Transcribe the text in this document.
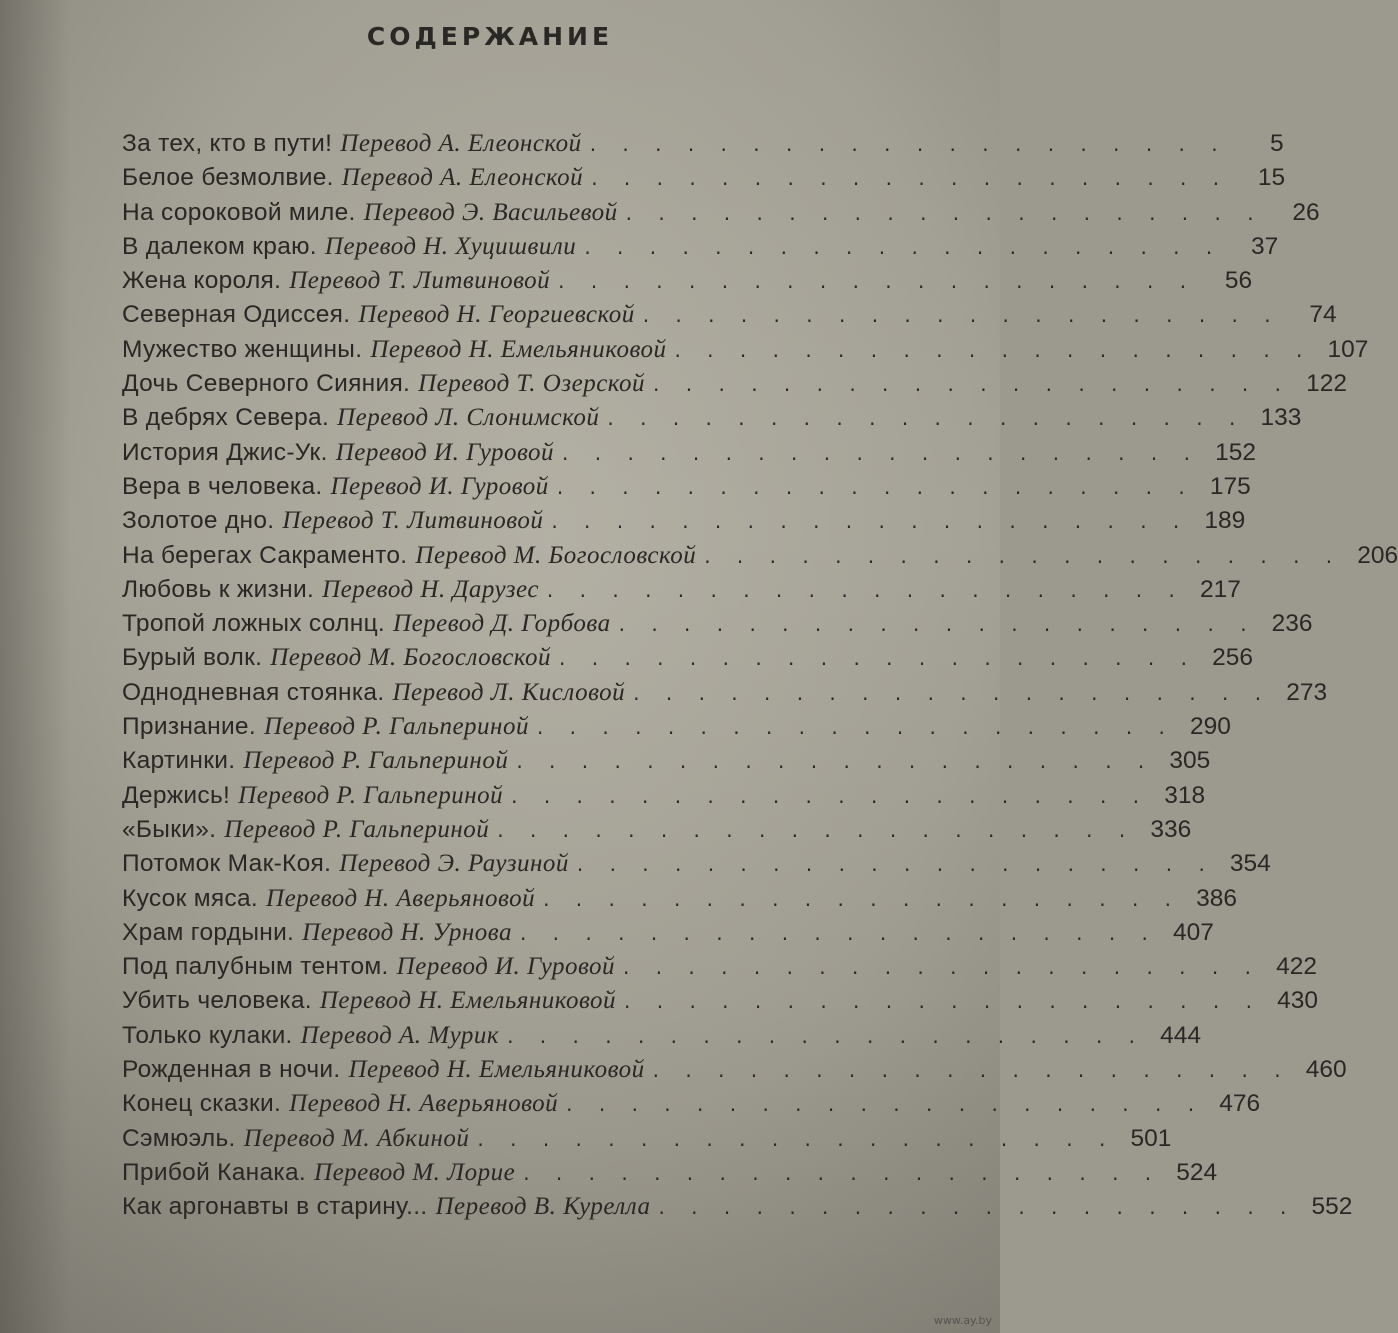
СОДЕРЖАНИЕ
За тех, кто в пути! Перевод А. Елеонской . . . . . . . . . . . . . . . . . . . .	5
Белое безмолвие. Перевод А. Елеонской . . . . . . . . . . . . . . . . . . . .	15
На сороковой миле. Перевод Э. Васильевой . . . . . . . . . . . . . . . . . . . .	26
В далеком краю. Перевод Н. Хуцишвили . . . . . . . . . . . . . . . . . . . .	37
Жена короля. Перевод Т. Литвиновой . . . . . . . . . . . . . . . . . . . .	56
Северная Одиссея. Перевод Н. Георгиевской . . . . . . . . . . . . . . . . . . . .	74
Мужество женщины. Перевод Н. Емельяниковой . . . . . . . . . . . . . . . . . . . . 107
Дочь Северного Сияния. Перевод Т. Озерской . . . . . . . . . . . . . . . . . . . . 122
В дебрях Севера. Перевод Л. Слонимской . . . . . . . . . . . . . . . . . . . . 133
История Джис-Ук. Перевод И. Гуровой . . . . . . . . . . . . . . . . . . . . 152
Вера в человека. Перевод И. Гуровой . . . . . . . . . . . . . . . . . . . . 175
Золотое дно. Перевод Т. Литвиновой . . . . . . . . . . . . . . . . . . . . 189
На берегах Сакраменто. Перевод М. Богословской . . . . . . . . . . . . . . . . . . . . 206
Любовь к жизни. Перевод Н. Дарузес . . . . . . . . . . . . . . . . . . . . 217
Тропой ложных солнц. Перевод Д. Горбова . . . . . . . . . . . . . . . . . . . . 236
Бурый волк. Перевод М. Богословской . . . . . . . . . . . . . . . . . . . . 256
Однодневная стоянка. Перевод Л. Кисловой . . . . . . . . . . . . . . . . . . . . 273
Признание. Перевод Р. Гальпериной . . . . . . . . . . . . . . . . . . . . 290
Картинки. Перевод Р. Гальпериной . . . . . . . . . . . . . . . . . . . . 305
Держись! Перевод Р. Гальпериной . . . . . . . . . . . . . . . . . . . . 318
«Быки». Перевод Р. Гальпериной . . . . . . . . . . . . . . . . . . . . 336
Потомок Мак-Коя. Перевод Э. Раузиной . . . . . . . . . . . . . . . . . . . . 354
Кусок мяса. Перевод Н. Аверьяновой . . . . . . . . . . . . . . . . . . . . 386
Храм гордыни. Перевод Н. Урнова . . . . . . . . . . . . . . . . . . . . 407
Под палубным тентом. Перевод И. Гуровой . . . . . . . . . . . . . . . . . . . . 422
Убить человека. Перевод Н. Емельяниковой . . . . . . . . . . . . . . . . . . . . 430
Только кулаки. Перевод А. Мурик . . . . . . . . . . . . . . . . . . . . 444
Рожденная в ночи. Перевод Н. Емельяниковой . . . . . . . . . . . . . . . . . . . . 460
Конец сказки. Перевод Н. Аверьяновой . . . . . . . . . . . . . . . . . . . . 476
Сэмюэль. Перевод М. Абкиной . . . . . . . . . . . . . . . . . . . . 501
Прибой Канака. Перевод М. Лорие . . . . . . . . . . . . . . . . . . . . 524
Как аргонавты в старину... Перевод В. Курелла . . . . . . . . . . . . . . . . . . . . 552
www.ay.by
